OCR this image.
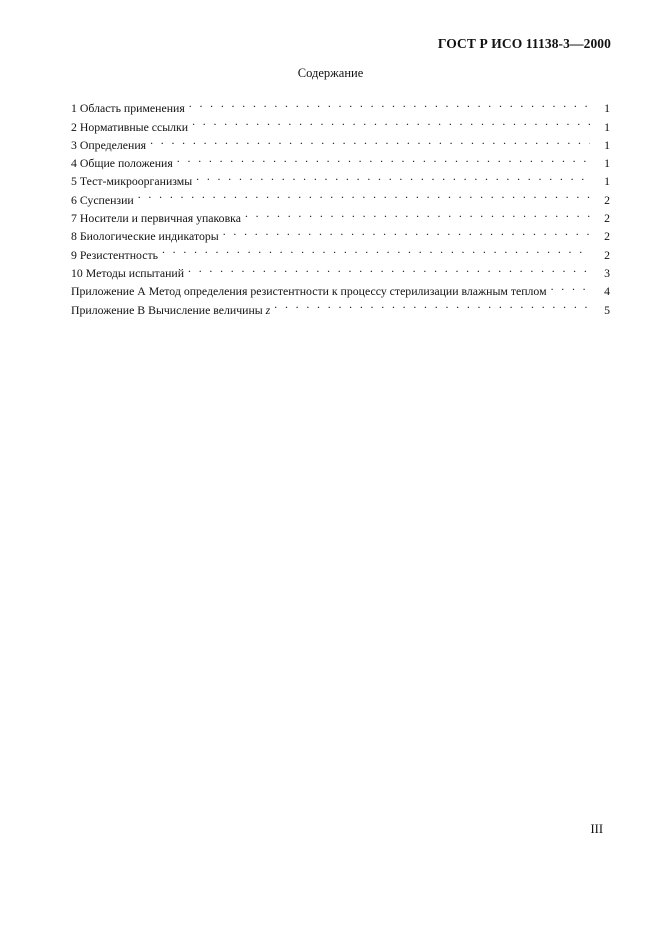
ГОСТ Р ИСО 11138-3—2000
Содержание
1 Область применения . . .	1
2 Нормативные ссылки . . .	1
3 Определения . . .	1
4 Общие положения . . .	1
5 Тест-микроорганизмы . . .	1
6 Суспензии . . .	2
7 Носители и первичная упаковка . . .	2
8 Биологические индикаторы . . .	2
9 Резистентность . . .	2
10 Методы испытаний . . .	3
Приложение А Метод определения резистентности к процессу стерилизации влажным теплом . . .	4
Приложение В Вычисление величины z . . .	5
III
